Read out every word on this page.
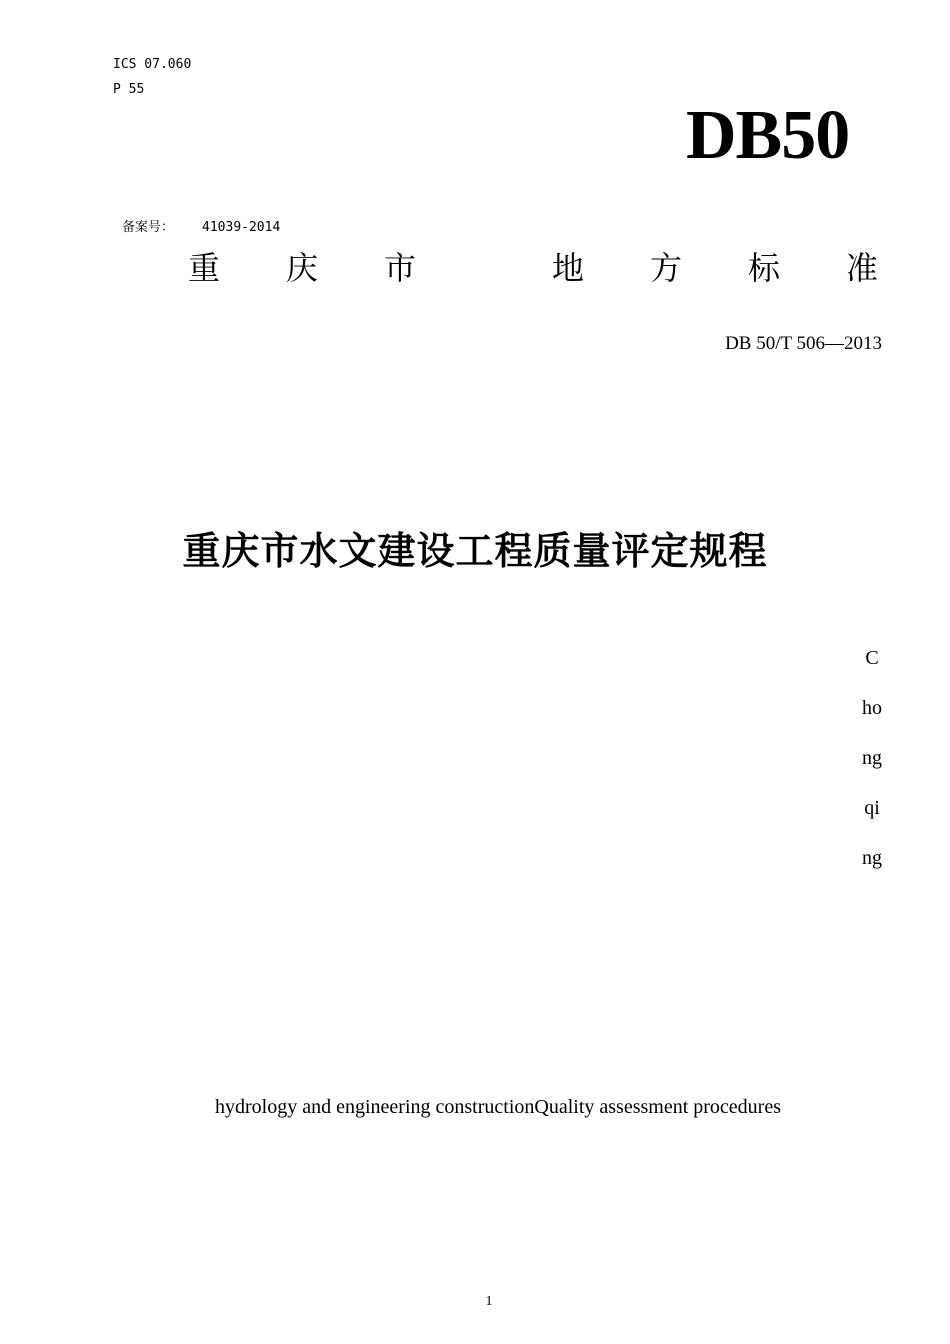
ICS 07.060
P 55
DB50
备案号： 41039-2014
重 庆 市	地 方 标 准
DB 50/T 506—2013
重庆市水文建设工程质量评定规程
C
ho
ng
qi
ng
hydrology and engineering constructionQuality assessment procedures
1
